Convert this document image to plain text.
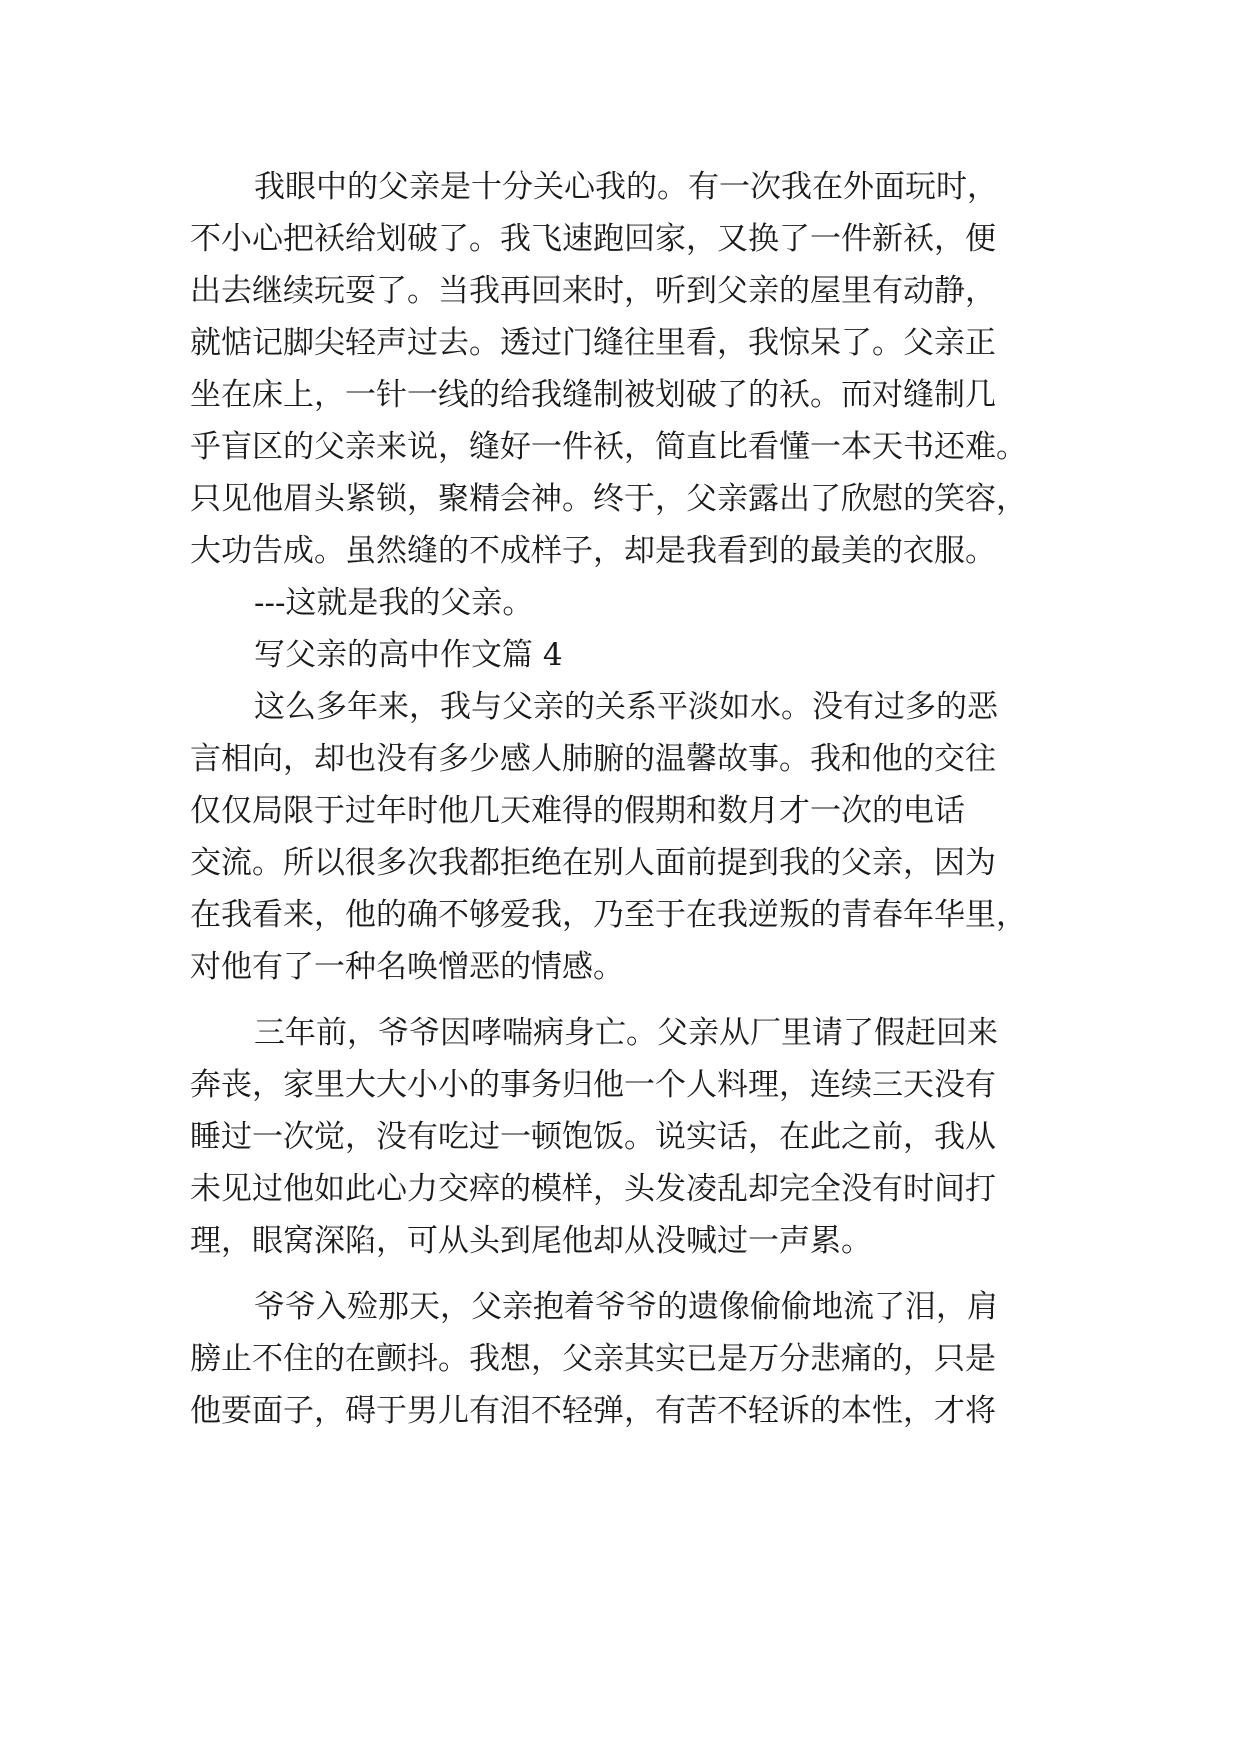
我眼中的父亲是十分关心我的。有一次我在外面玩时，
不小心把袄给划破了。我飞速跑回家，又换了一件新袄，便
出去继续玩耍了。当我再回来时，听到父亲的屋里有动静，
就惦记脚尖轻声过去。透过门缝往里看，我惊呆了。父亲正
坐在床上，一针一线的给我缝制被划破了的袄。而对缝制几
乎盲区的父亲来说，缝好一件袄，简直比看懂一本天书还难。
只见他眉头紧锁，聚精会神。终于，父亲露出了欣慰的笑容，
大功告成。虽然缝的不成样子，却是我看到的最美的衣服。
---这就是我的父亲。
写父亲的高中作文篇 4
这么多年来，我与父亲的关系平淡如水。没有过多的恶
言相向，却也没有多少感人肺腑的温馨故事。我和他的交往
仅仅局限于过年时他几天难得的假期和数月才一次的电话
交流。所以很多次我都拒绝在别人面前提到我的父亲，因为
在我看来，他的确不够爱我，乃至于在我逆叛的青春年华里，
对他有了一种名唤憎恶的情感。
三年前，爷爷因哮喘病身亡。父亲从厂里请了假赶回来
奔丧，家里大大小小的事务归他一个人料理，连续三天没有
睡过一次觉，没有吃过一顿饱饭。说实话，在此之前，我从
未见过他如此心力交瘁的模样，头发凌乱却完全没有时间打
理，眼窝深陷，可从头到尾他却从没喊过一声累。
爷爷入殓那天，父亲抱着爷爷的遗像偷偷地流了泪，肩
膀止不住的在颤抖。我想，父亲其实已是万分悲痛的，只是
他要面子，碍于男儿有泪不轻弹，有苦不轻诉的本性，才将
